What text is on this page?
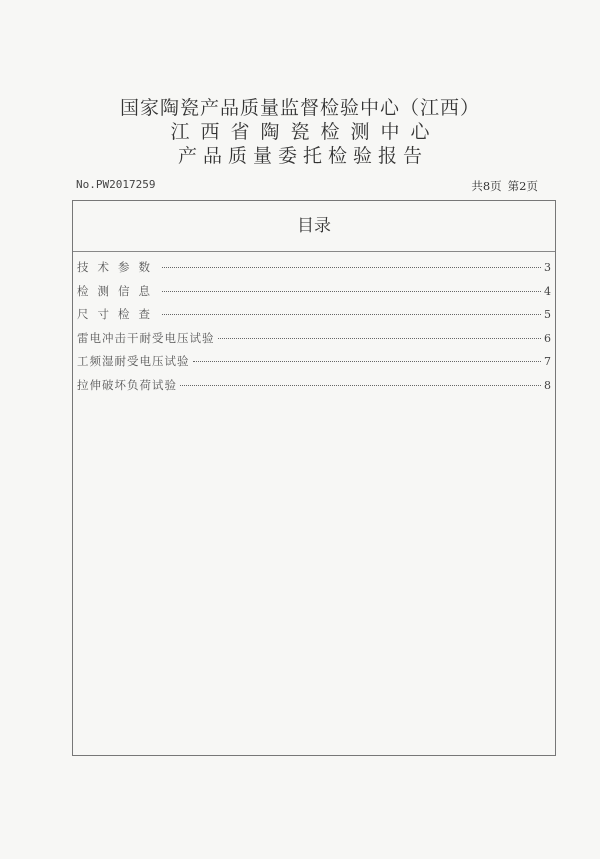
国家陶瓷产品质量监督检验中心（江西）
江西省陶瓷检测中心
产品质量委托检验报告
No.PW2017259	共8页 第2页
目录
技术参数	3
检测信息	4
尺寸检查	5
雷电冲击干耐受电压试验	6
工频湿耐受电压试验	7
拉伸破坏负荷试验	8
